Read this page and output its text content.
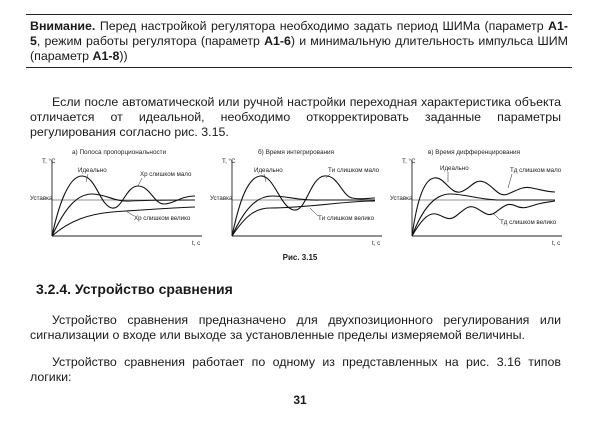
Внимание. Перед настройкой регулятора необходимо задать период ШИМа (параметр А1-5, режим работы регулятора (параметр А1-6) и минимальную длительность импульса ШИМ (параметр А1-8))
Если после автоматической или ручной настройки переходная характеристика объекта отличается от идеальной, необходимо откорректировать заданные параметры регулирования согласно рис. 3.15.
а) Полоса пропорциональности
T, °C
t, с
Уставка
Идеально
Хр слишком мало
Хр слишком велико
б) Время интегрирования
T, °C
t, с
Уставка
Идеально	Tи слишком мало
Tи слишком велико
в) Время дифференцирования
T, °C
t, с
Уставка
Идеально	Tд слишком мало
Tд слишком велико
Рис. 3.15
3.2.4. Устройство сравнения
Устройство сравнения предназначено для двухпозиционного регулирования или сигнализации о входе или выходе за установленные пределы измеряемой величины.
Устройство сравнения работает по одному из представленных на рис. 3.16 типов логики:
31
